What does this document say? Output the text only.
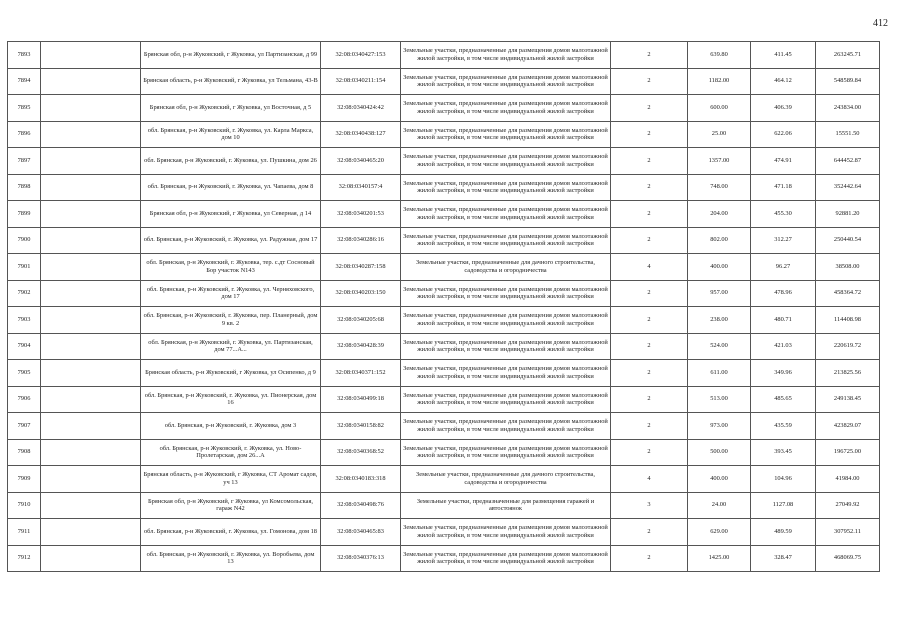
412
7893		Брянская обл, р-н Жуковский, г Жуковка, ул Партизанская, д 99	32:08:0340427:153	Земельные участки, предназначенные для размещения домов малоэтажной жилой застройки, в том числе индивидуальной жилой застройки	2	639.80	411.45	263245.71
7894		Брянская область, р-н Жуковский, г Жуковка, ул Тельмана, 43-В	32:08:0340211:154	Земельные участки, предназначенные для размещения домов малоэтажной жилой застройки, в том числе индивидуальной жилой застройки	2	1182.00	464.12	548589.84
7895		Брянская обл, р-н Жуковский, г Жуковка, ул Восточная, д 5	32:08:0340424:42	Земельные участки, предназначенные для размещения домов малоэтажной жилой застройки, в том числе индивидуальной жилой застройки	2	600.00	406.39	243834.00
7896		обл. Брянская, р-н Жуковский, г. Жуковка, ул. Карла Маркса, дом 10	32:08:0340438:127	Земельные участки, предназначенные для размещения домов малоэтажной жилой застройки, в том числе индивидуальной жилой застройки	2	25.00	622.06	15551.50
7897		обл. Брянская, р-н Жуковский, г. Жуковка, ул. Пушкина, дом 26	32:08:0340465:20	Земельные участки, предназначенные для размещения домов малоэтажной жилой застройки, в том числе индивидуальной жилой застройки	2	1357.00	474.91	644452.87
7898		обл. Брянская, р-н Жуковский, г. Жуковка, ул. Чапаева, дом 8	32:08:0340157:4	Земельные участки, предназначенные для размещения домов малоэтажной жилой застройки, в том числе индивидуальной жилой застройки	2	748.00	471.18	352442.64
7899		Брянская обл, р-н Жуковский, г Жуковка, ул Северная, д 14	32:08:0340201:53	Земельные участки, предназначенные для размещения домов малоэтажной жилой застройки, в том числе индивидуальной жилой застройки	2	204.00	455.30	92881.20
7900		обл. Брянская, р-н Жуковский, г. Жуковка, ул. Радужная, дом 17	32:08:0340286:16	Земельные участки, предназначенные для размещения домов малоэтажной жилой застройки, в том числе индивидуальной жилой застройки	2	802.00	312.27	250440.54
7901		обл. Брянская, р-н Жуковский, г. Жуковка, тер. с.дт Сосновый Бор участок N143	32:08:0340287:158	Земельные участки, предназначенные для дачного строительства, садоводства и огородничества	4	400.00	96.27	38508.00
7902		обл. Брянская, р-н Жуковский, г. Жуковка, ул. Черняховского, дом 17	32:08:0340203:150	Земельные участки, предназначенные для размещения домов малоэтажной жилой застройки, в том числе индивидуальной жилой застройки	2	957.00	478.96	458364.72
7903		обл. Брянская, р-н Жуковский, г. Жуковка, пер. Планерный, дом 9 кв. 2	32:08:0340205:68	Земельные участки, предназначенные для размещения домов малоэтажной жилой застройки, в том числе индивидуальной жилой застройки	2	238.00	480.71	114408.98
7904		обл. Брянская, р-н Жуковский, г. Жуковка, ул. Партизанская, дом 77...А...	32:08:0340428:39	Земельные участки, предназначенные для размещения домов малоэтажной жилой застройки, в том числе индивидуальной жилой застройки	2	524.00	421.03	220619.72
7905		Брянская область, р-н Жуковский, г Жуковка, ул Осипенко, д 9	32:08:0340371:152	Земельные участки, предназначенные для размещения домов малоэтажной жилой застройки, в том числе индивидуальной жилой застройки	2	611.00	349.96	213825.56
7906		обл. Брянская, р-н Жуковский, г. Жуковка, ул. Пионерская, дом 16	32:08:0340499:18	Земельные участки, предназначенные для размещения домов малоэтажной жилой застройки, в том числе индивидуальной жилой застройки	2	513.00	485.65	249138.45
7907		обл. Брянская, р-н Жуковский, г. Жуковка, дом 3	32:08:0340158:82	Земельные участки, предназначенные для размещения домов малоэтажной жилой застройки, в том числе индивидуальной жилой застройки	2	973.00	435.59	423829.07
7908		обл. Брянская, р-н Жуковский, г. Жуковка, ул. Ново-Пролетарская, дом 26...А	32:08:0340368:52	Земельные участки, предназначенные для размещения домов малоэтажной жилой застройки, в том числе индивидуальной жилой застройки	2	500.00	393.45	196725.00
7909		Брянская область, р-н Жуковский, г Жуковка, СТ Аромат садов, уч 13	32:08:0340183:318	Земельные участки, предназначенные для дачного строительства, садоводства и огородничества	4	400.00	104.96	41984.00
7910		Брянская обл, р-н Жуковский, г Жуковка, ул Комсомольская, гараж N42	32:08:0340498:76	Земельные участки, предназначенные для размещения гаражей и автостоянок	3	24.00	1127.08	27049.92
7911		обл. Брянская, р-н Жуковский, г. Жуковка, ул. Гомонова, дом 18	32:08:0340465:83	Земельные участки, предназначенные для размещения домов малоэтажной жилой застройки, в том числе индивидуальной жилой застройки	2	629.00	489.59	307952.11
7912		обл. Брянская, р-н Жуковский, г. Жуковка, ул. Воробьева, дом 13	32:08:0340376:13	Земельные участки, предназначенные для размещения домов малоэтажной жилой застройки, в том числе индивидуальной жилой застройки	2	1425.00	328.47	468069.75
